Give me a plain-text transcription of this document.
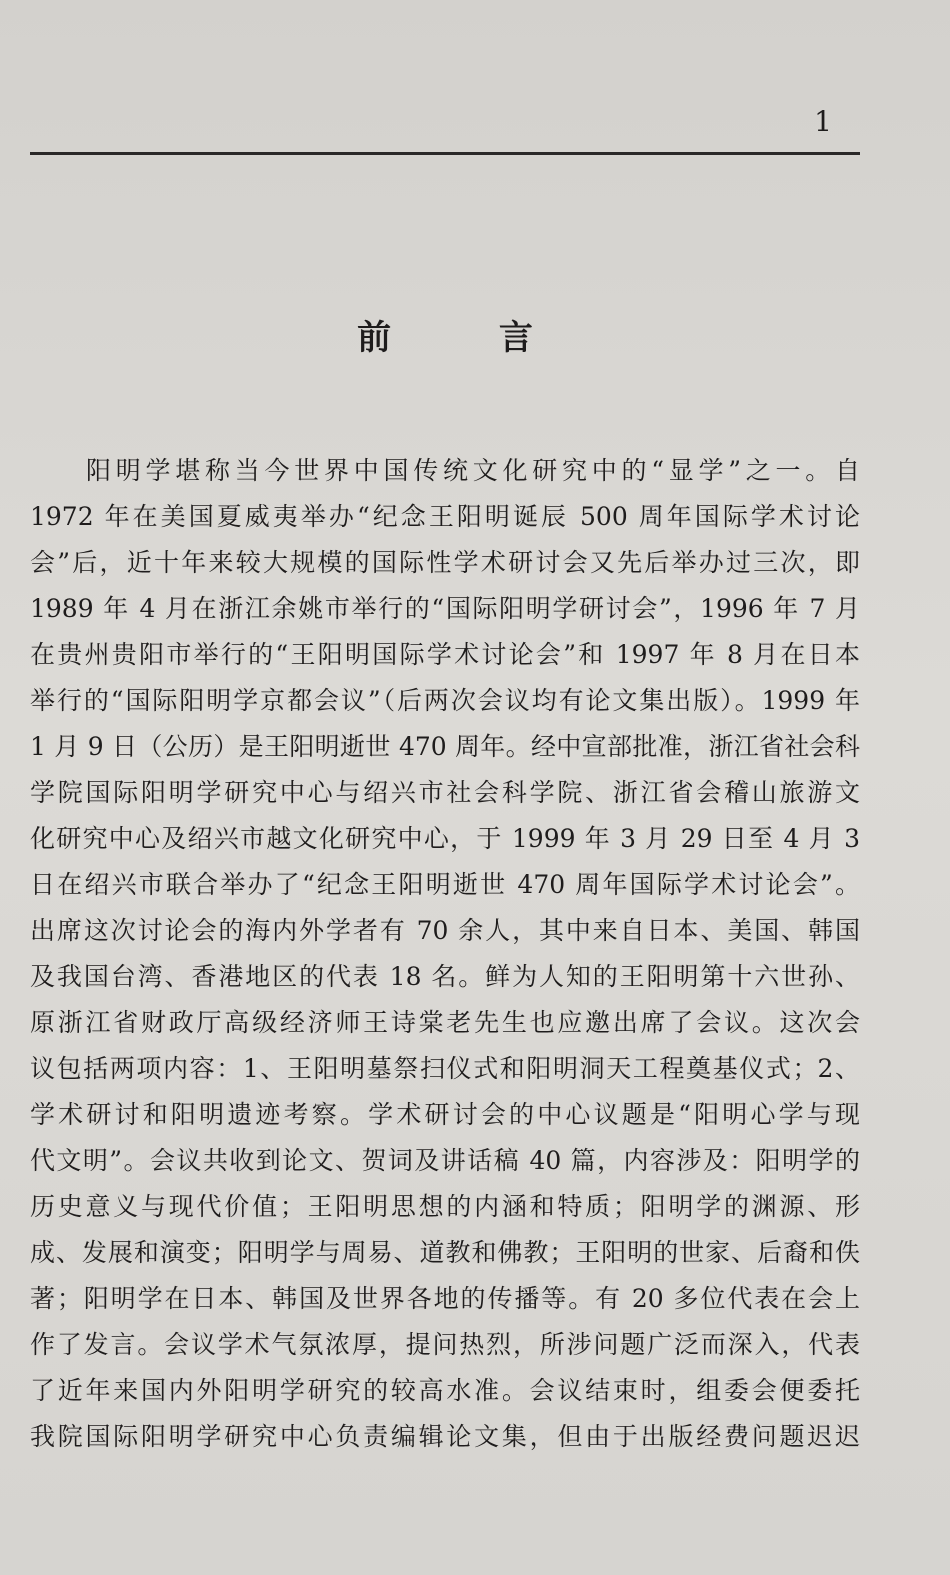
1
前 言
阳明学堪称当今世界中国传统文化研究中的“显学”之一。自
1972 年在美国夏威夷举办“纪念王阳明诞辰 500 周年国际学术讨论
会”后，近十年来较大规模的国际性学术研讨会又先后举办过三次，即
1989 年 4 月在浙江余姚市举行的“国际阳明学研讨会”，1996 年 7 月
在贵州贵阳市举行的“王阳明国际学术讨论会”和 1997 年 8 月在日本
举行的“国际阳明学京都会议”（后两次会议均有论文集出版）。1999 年
1 月 9 日（公历）是王阳明逝世 470 周年。经中宣部批准，浙江省社会科
学院国际阳明学研究中心与绍兴市社会科学院、浙江省会稽山旅游文
化研究中心及绍兴市越文化研究中心，于 1999 年 3 月 29 日至 4 月 3
日在绍兴市联合举办了“纪念王阳明逝世 470 周年国际学术讨论会”。
出席这次讨论会的海内外学者有 70 余人，其中来自日本、美国、韩国
及我国台湾、香港地区的代表 18 名。鲜为人知的王阳明第十六世孙、
原浙江省财政厅高级经济师王诗棠老先生也应邀出席了会议。这次会
议包括两项内容：1、王阳明墓祭扫仪式和阳明洞天工程奠基仪式；2、
学术研讨和阳明遗迹考察。学术研讨会的中心议题是“阳明心学与现
代文明”。会议共收到论文、贺词及讲话稿 40 篇，内容涉及：阳明学的
历史意义与现代价值；王阳明思想的内涵和特质；阳明学的渊源、形
成、发展和演变；阳明学与周易、道教和佛教；王阳明的世家、后裔和佚
著；阳明学在日本、韩国及世界各地的传播等。有 20 多位代表在会上
作了发言。会议学术气氛浓厚，提问热烈，所涉问题广泛而深入，代表
了近年来国内外阳明学研究的较高水准。会议结束时，组委会便委托
我院国际阳明学研究中心负责编辑论文集，但由于出版经费问题迟迟
